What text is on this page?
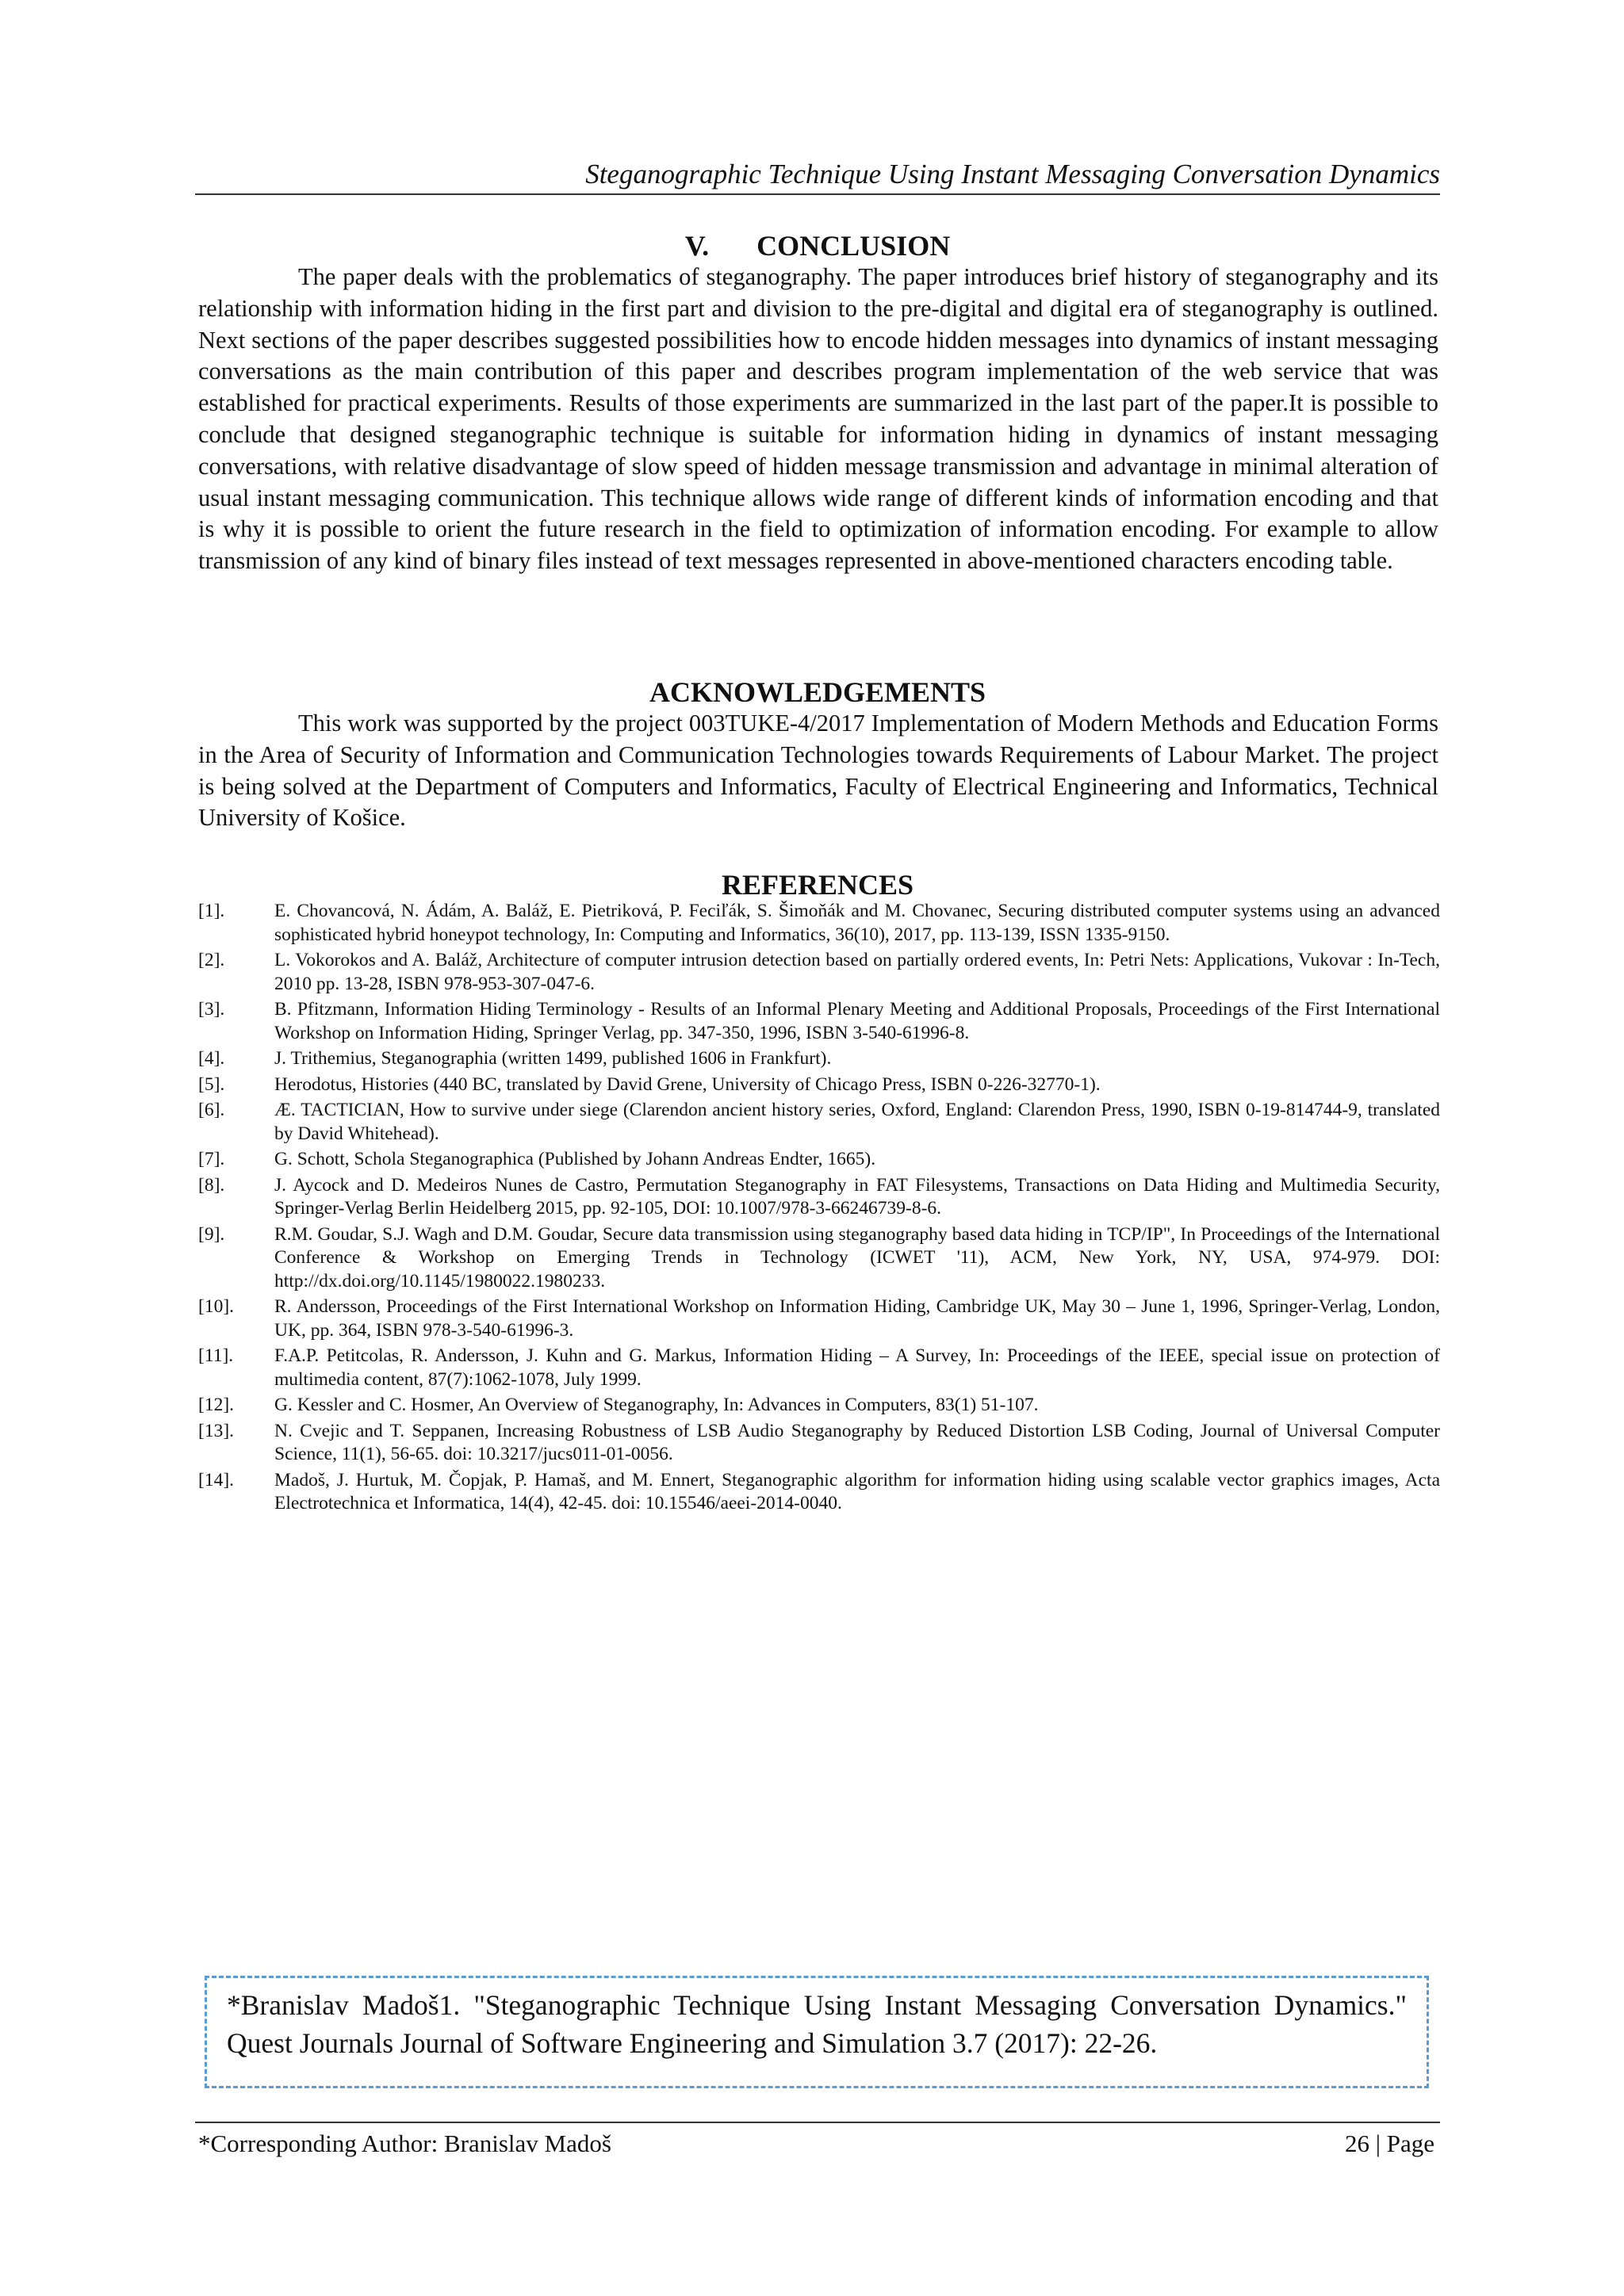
Steganographic Technique Using Instant Messaging Conversation Dynamics
V. CONCLUSION
The paper deals with the problematics of steganography. The paper introduces brief history of steganography and its relationship with information hiding in the first part and division to the pre-digital and digital era of steganography is outlined. Next sections of the paper describes suggested possibilities how to encode hidden messages into dynamics of instant messaging conversations as the main contribution of this paper and describes program implementation of the web service that was established for practical experiments. Results of those experiments are summarized in the last part of the paper.It is possible to conclude that designed steganographic technique is suitable for information hiding in dynamics of instant messaging conversations, with relative disadvantage of slow speed of hidden message transmission and advantage in minimal alteration of usual instant messaging communication. This technique allows wide range of different kinds of information encoding and that is why it is possible to orient the future research in the field to optimization of information encoding. For example to allow transmission of any kind of binary files instead of text messages represented in above-mentioned characters encoding table.
ACKNOWLEDGEMENTS
This work was supported by the project 003TUKE-4/2017 Implementation of Modern Methods and Education Forms in the Area of Security of Information and Communication Technologies towards Requirements of Labour Market. The project is being solved at the Department of Computers and Informatics, Faculty of Electrical Engineering and Informatics, Technical University of Košice.
REFERENCES
[1].	E. Chovancová, N. Ádám, A. Baláž, E. Pietriková, P. Feciľák, S. Šimoňák and M. Chovanec, Securing distributed computer systems using an advanced sophisticated hybrid honeypot technology, In: Computing and Informatics, 36(10), 2017, pp. 113-139, ISSN 1335-9150.
[2].	L. Vokorokos and A. Baláž, Architecture of computer intrusion detection based on partially ordered events, In: Petri Nets: Applications, Vukovar : In-Tech, 2010 pp. 13-28, ISBN 978-953-307-047-6.
[3].	B. Pfitzmann, Information Hiding Terminology - Results of an Informal Plenary Meeting and Additional Proposals, Proceedings of the First International Workshop on Information Hiding, Springer Verlag, pp. 347-350, 1996, ISBN 3-540-61996-8.
[4].	J. Trithemius, Steganographia (written 1499, published 1606 in Frankfurt).
[5].	Herodotus, Histories (440 BC, translated by David Grene, University of Chicago Press, ISBN 0-226-32770-1).
[6].	Æ. TACTICIAN, How to survive under siege (Clarendon ancient history series, Oxford, England: Clarendon Press, 1990, ISBN 0-19-814744-9, translated by David Whitehead).
[7].	G. Schott, Schola Steganographica (Published by Johann Andreas Endter, 1665).
[8].	J. Aycock and D. Medeiros Nunes de Castro, Permutation Steganography in FAT Filesystems, Transactions on Data Hiding and Multimedia Security, Springer-Verlag Berlin Heidelberg 2015, pp. 92-105, DOI: 10.1007/978-3-66246739-8-6.
[9].	R.M. Goudar, S.J. Wagh and D.M. Goudar, Secure data transmission using steganography based data hiding in TCP/IP", In Proceedings of the International Conference & Workshop on Emerging Trends in Technology (ICWET '11), ACM, New York, NY, USA, 974-979. DOI: http://dx.doi.org/10.1145/1980022.1980233.
[10].	R. Andersson, Proceedings of the First International Workshop on Information Hiding, Cambridge UK, May 30 – June 1, 1996, Springer-Verlag, London, UK, pp. 364, ISBN 978-3-540-61996-3.
[11].	F.A.P. Petitcolas, R. Andersson, J. Kuhn and G. Markus, Information Hiding – A Survey, In: Proceedings of the IEEE, special issue on protection of multimedia content, 87(7):1062-1078, July 1999.
[12].	G. Kessler and C. Hosmer, An Overview of Steganography, In: Advances in Computers, 83(1) 51-107.
[13].	N. Cvejic and T. Seppanen, Increasing Robustness of LSB Audio Steganography by Reduced Distortion LSB Coding, Journal of Universal Computer Science, 11(1), 56-65. doi: 10.3217/jucs011-01-0056.
[14].	Madoš, J. Hurtuk, M. Čopjak, P. Hamaš, and M. Ennert, Steganographic algorithm for information hiding using scalable vector graphics images, Acta Electrotechnica et Informatica, 14(4), 42-45. doi: 10.15546/aeei-2014-0040.
*Branislav Madoš1. "Steganographic Technique Using Instant Messaging Conversation Dynamics." Quest Journals Journal of Software Engineering and Simulation 3.7 (2017): 22-26.
*Corresponding Author: Branislav Madoš	26 | Page
